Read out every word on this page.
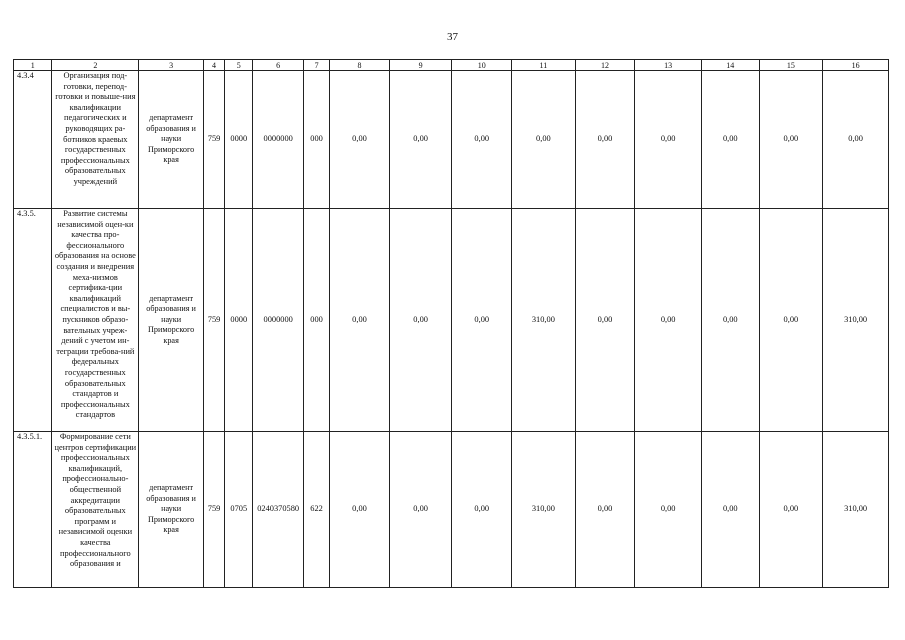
37
1	2	3	4	5	6	7	8	9	10	11	12	13	14	15	16
4.3.4	Организация под-готовки, перепод-готовки и повыше-ния квалификации педагогических и руководящих ра-ботников краевых государственных профессиональных образовательных учреждений	департамент образования и науки Приморского края	759	0000	0000000	000	0,00	0,00	0,00	0,00	0,00	0,00	0,00	0,00	0,00
4.3.5.	Развитие системы независимой оцен-ки качества про-фессионального образования на основе создания и внедрения меха-низмов сертифика-ции квалификаций специалистов и вы-пускников образо-вательных учреж-дений с учетом ин-теграции требова-ний федеральных государственных образовательных стандартов и профессиональных стандартов	департамент образования и науки Приморского края	759	0000	0000000	000	0,00	0,00	0,00	310,00	0,00	0,00	0,00	0,00	310,00
4.3.5.1.	Формирование сети центров сертификации профессиональных квалификаций, профессионально-общественной аккредитации образовательных программ и независимой оценки качества профессионального образования и	департамент образования и науки Приморского края	759	0705	0240370580	622	0,00	0,00	0,00	310,00	0,00	0,00	0,00	0,00	310,00
